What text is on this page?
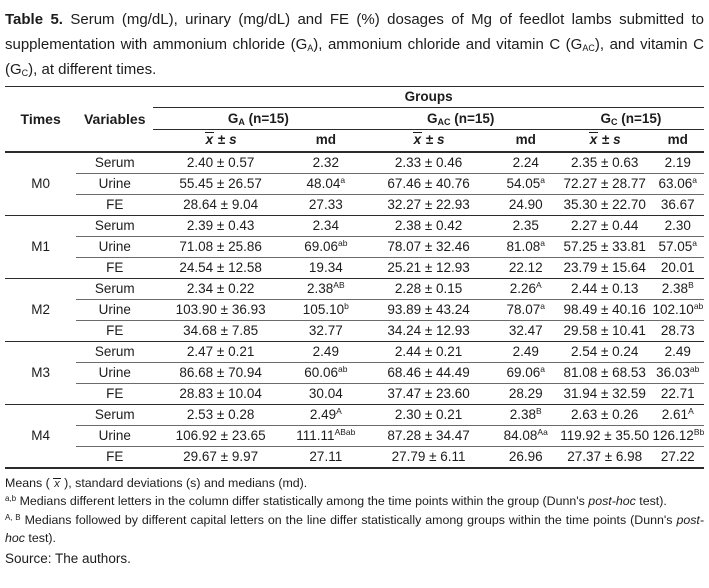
Table 5. Serum (mg/dL), urinary (mg/dL) and FE (%) dosages of Mg of feedlot lambs submitted to supplementation with ammonium chloride $(G_A)$, ammonium chloride and vitamin C $(G_{AC})$, and vitamin C $(G_C)$, at different times.

Times	Variables	Groups					
		$G_A$ (n=15)		$G_{AC}$ (n=15)		$G_C$ (n=15)	
		x ± s	md	x ± s	md	x ± s	md
M0	Serum	2.40 ± 0.57	2.32	2.33 ± 0.46	2.24	2.35 ± 0.63	2.19
	Urine	55.45 ± 26.57	48.04$^a$	67.46 ± 40.76	54.05$^a$	72.27 ± 28.77	63.06$^a$
	FE	28.64 ± 9.04	27.33	32.27 ± 22.93	24.90	35.30 ± 22.70	36.67
M1	Serum	2.39 ± 0.43	2.34	2.38 ± 0.42	2.35	2.27 ± 0.44	2.30
	Urine	71.08 ± 25.86	69.06$^{ab}$	78.07 ± 32.46	81.08$^a$	57.25 ± 33.81	57.05$^a$
	FE	24.54 ± 12.58	19.34	25.21 ± 12.93	22.12	23.79 ± 15.64	20.01
M2	Serum	2.34 ± 0.22	$2.38^{AB}$	2.28 ± 0.15	$2.26^A$	2.44 ± 0.13	$2.38^B$
	Urine	103.90 ± 36.93	105.10$^b$	93.89 ± 43.24	78.07$^a$	98.49 ± 40.16	102.10$^{ab}$
	FE	34.68 ± 7.85	32.77	34.24 ± 12.93	32.47	29.58 ± 10.41	28.73
M3	Serum	2.47 ± 0.21	2.49	2.44 ± 0.21	2.49	2.54 ± 0.24	2.49
	Urine	86.68 ± 70.94	60.06$^{ab}$	68.46 ± 44.49	69.06$^a$	81.08 ± 68.53	36.03$^{ab}$
	FE	28.83 ± 10.04	30.04	37.47 ± 23.60	28.29	31.94 ± 32.59	22.71
M4	Serum	2.53 ± 0.28	$2.49^A$	2.30 ± 0.21	$2.38^B$	2.63 ± 0.26	$2.61^A$
	Urine	106.92 ± 23.65	$111.11^{ABab}$	87.28 ± 34.47	$84.08^{Aa}$	119.92 ± 35.50	$126.12^{Bb}$
	FE	29.67 ± 9.97	27.11	27.79 ± 6.11	26.96	27.37 ± 6.98	27.22

Means ( x ), standard deviations (s) and medians (md).

$^{a,b}$ Medians different letters in the column differ statistically among the time points within the group (Dunn's post-hoc test).

$^{A, B}$ Medians followed by different capital letters on the line differ statistically among groups within the time points (Dunn's post-hoc test).

Source: The authors.
